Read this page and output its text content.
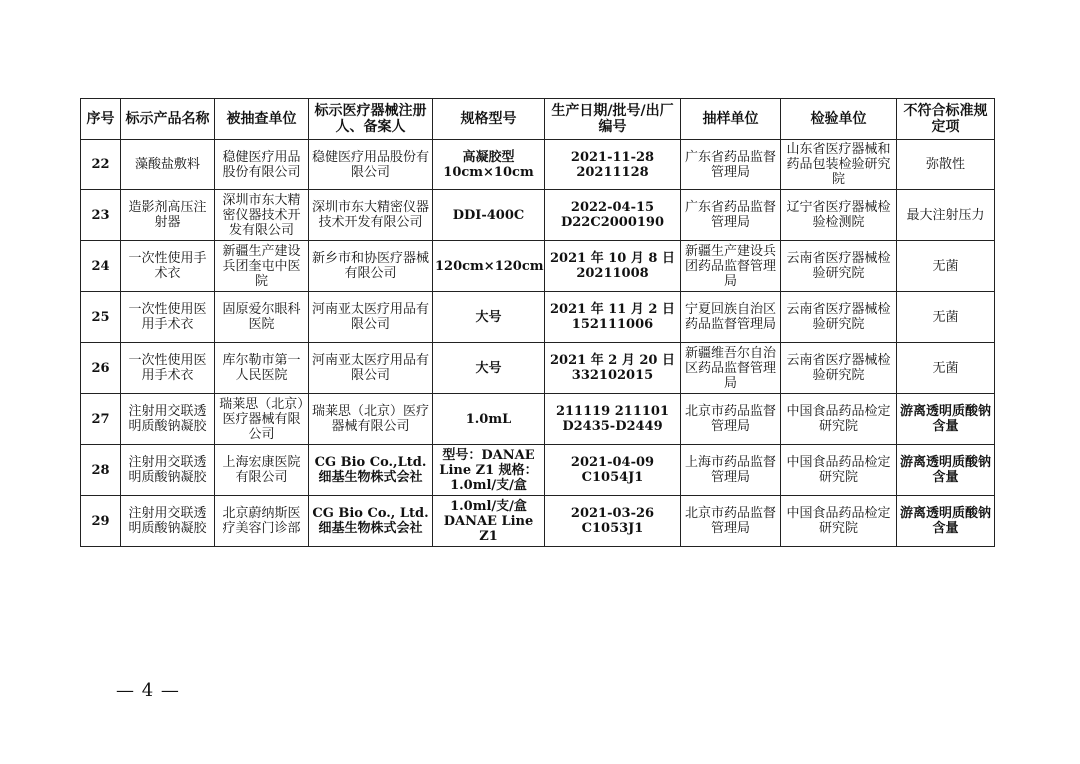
序号	标示产品名称	被抽查单位	标示医疗器械注册人、备案人	规格型号	生产日期/批号/出厂编号	抽样单位	检验单位	不符合标准规定项
22	藻酸盐敷料	稳健医疗用品股份有限公司	稳健医疗用品股份有限公司	高凝胶型 10cm×10cm	2021-11-28 20211128	广东省药品监督管理局	山东省医疗器械和药品包装检验研究院	弥散性
23	造影剂高压注射器	深圳市东大精密仪器技术开发有限公司	深圳市东大精密仪器技术开发有限公司	DDI-400C	2022-04-15 D22C2000190	广东省药品监督管理局	辽宁省医疗器械检验检测院	最大注射压力
24	一次性使用手术衣	新疆生产建设兵团奎屯中医院	新乡市和协医疗器械有限公司	120cm×120cm	2021 年 10 月 8 日 20211008	新疆生产建设兵团药品监督管理局	云南省医疗器械检验研究院	无菌
25	一次性使用医用手术衣	固原爱尔眼科医院	河南亚太医疗用品有限公司	大号	2021 年 11 月 2 日 152111006	宁夏回族自治区药品监督管理局	云南省医疗器械检验研究院	无菌
26	一次性使用医用手术衣	库尔勒市第一人民医院	河南亚太医疗用品有限公司	大号	2021 年 2 月 20 日 332102015	新疆维吾尔自治区药品监督管理局	云南省医疗器械检验研究院	无菌
27	注射用交联透明质酸钠凝胶	瑞莱思（北京）医疗器械有限公司	瑞莱思（北京）医疗器械有限公司	1.0mL	211119 211101 D2435-D2449	北京市药品监督管理局	中国食品药品检定研究院	游离透明质酸钠含量
28	注射用交联透明质酸钠凝胶	上海宏康医院有限公司	CG Bio Co.,Ltd. 细基生物株式会社	型号：DANAE Line Z1 规格：1.0ml/支/盒	2021-04-09 C1054J1	上海市药品监督管理局	中国食品药品检定研究院	游离透明质酸钠含量
29	注射用交联透明质酸钠凝胶	北京蔚纳斯医疗美容门诊部	CG Bio Co., Ltd. 细基生物株式会社	1.0ml/支/盒 DANAE Line Z1	2021-03-26 C1053J1	北京市药品监督管理局	中国食品药品检定研究院	游离透明质酸钠含量
— 4 —
